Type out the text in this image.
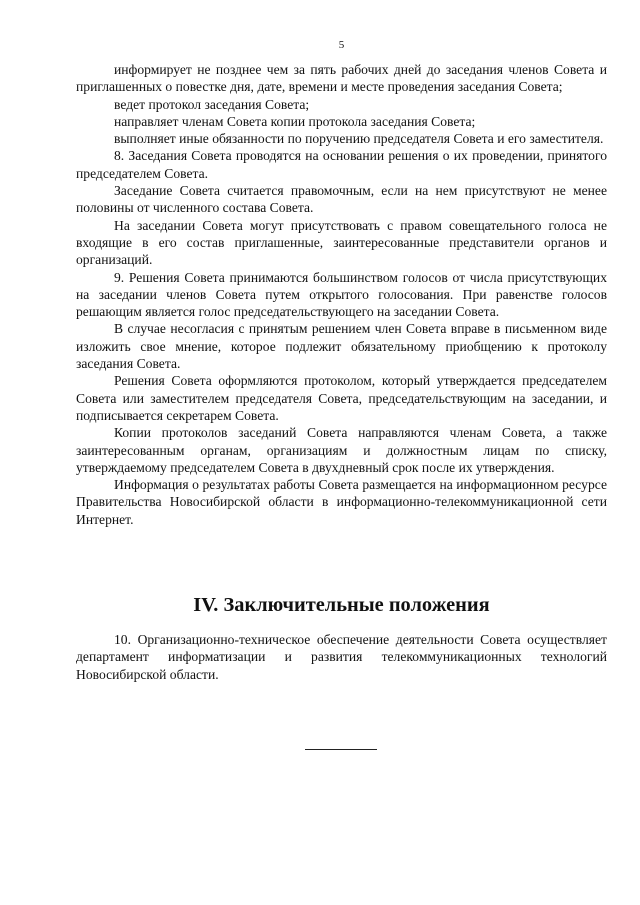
5

информирует не позднее чем за пять рабочих дней до заседания членов Совета и приглашенных о повестке дня, дате, времени и месте проведения заседания Совета;

ведет протокол заседания Совета;

направляет членам Совета копии протокола заседания Совета;

выполняет иные обязанности по поручению председателя Совета и его заместителя.

8. Заседания Совета проводятся на основании решения о их проведении, принятого председателем Совета.

Заседание Совета считается правомочным, если на нем присутствуют не менее половины от численного состава Совета.

На заседании Совета могут присутствовать с правом совещательного голоса не входящие в его состав приглашенные, заинтересованные представители органов и организаций.

9. Решения Совета принимаются большинством голосов от числа присутствующих на заседании членов Совета путем открытого голосования. При равенстве голосов решающим является голос председательствующего на заседании Совета.

В случае несогласия с принятым решением член Совета вправе в письменном виде изложить свое мнение, которое подлежит обязательному приобщению к протоколу заседания Совета.

Решения Совета оформляются протоколом, который утверждается председателем Совета или заместителем председателя Совета, председательствующим на заседании, и подписывается секретарем Совета.

Копии протоколов заседаний Совета направляются членам Совета, а также заинтересованным органам, организациям и должностным лицам по списку, утверждаемому председателем Совета в двухдневный срок после их утверждения.

Информация о результатах работы Совета размещается на информационном ресурсе Правительства Новосибирской области в информационно-телекоммуникационной сети Интернет.

IV. Заключительные положения

10. Организационно-техническое обеспечение деятельности Совета осуществляет департамент информатизации и развития телекоммуникационных технологий Новосибирской области.
